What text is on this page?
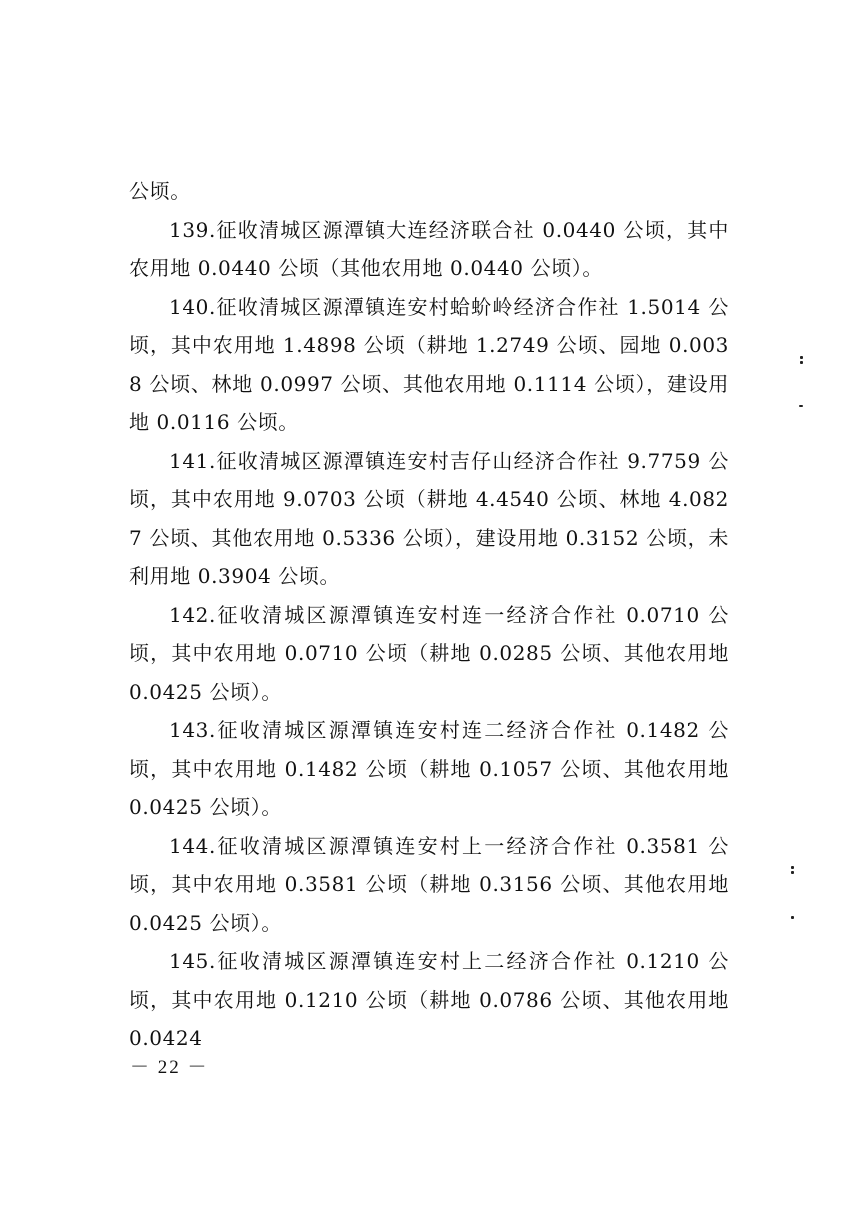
公顷。

139.征收清城区源潭镇大连经济联合社 0.0440 公顷，其中农用地 0.0440 公顷（其他农用地 0.0440 公顷）。

140.征收清城区源潭镇连安村蛤蚧岭经济合作社 1.5014 公顷，其中农用地 1.4898 公顷（耕地 1.2749 公顷、园地 0.0038 公顷、林地 0.0997 公顷、其他农用地 0.1114 公顷），建设用地 0.0116 公顷。

141.征收清城区源潭镇连安村吉仔山经济合作社 9.7759 公顷，其中农用地 9.0703 公顷（耕地 4.4540 公顷、林地 4.0827 公顷、其他农用地 0.5336 公顷），建设用地 0.3152 公顷，未利用地 0.3904 公顷。

142.征收清城区源潭镇连安村连一经济合作社 0.0710 公顷，其中农用地 0.0710 公顷（耕地 0.0285 公顷、其他农用地 0.0425 公顷）。

143.征收清城区源潭镇连安村连二经济合作社 0.1482 公顷，其中农用地 0.1482 公顷（耕地 0.1057 公顷、其他农用地 0.0425 公顷）。

144.征收清城区源潭镇连安村上一经济合作社 0.3581 公顷，其中农用地 0.3581 公顷（耕地 0.3156 公顷、其他农用地 0.0425 公顷）。

145.征收清城区源潭镇连安村上二经济合作社 0.1210 公顷，其中农用地 0.1210 公顷（耕地 0.0786 公顷、其他农用地 0.0424

－ 22 －
